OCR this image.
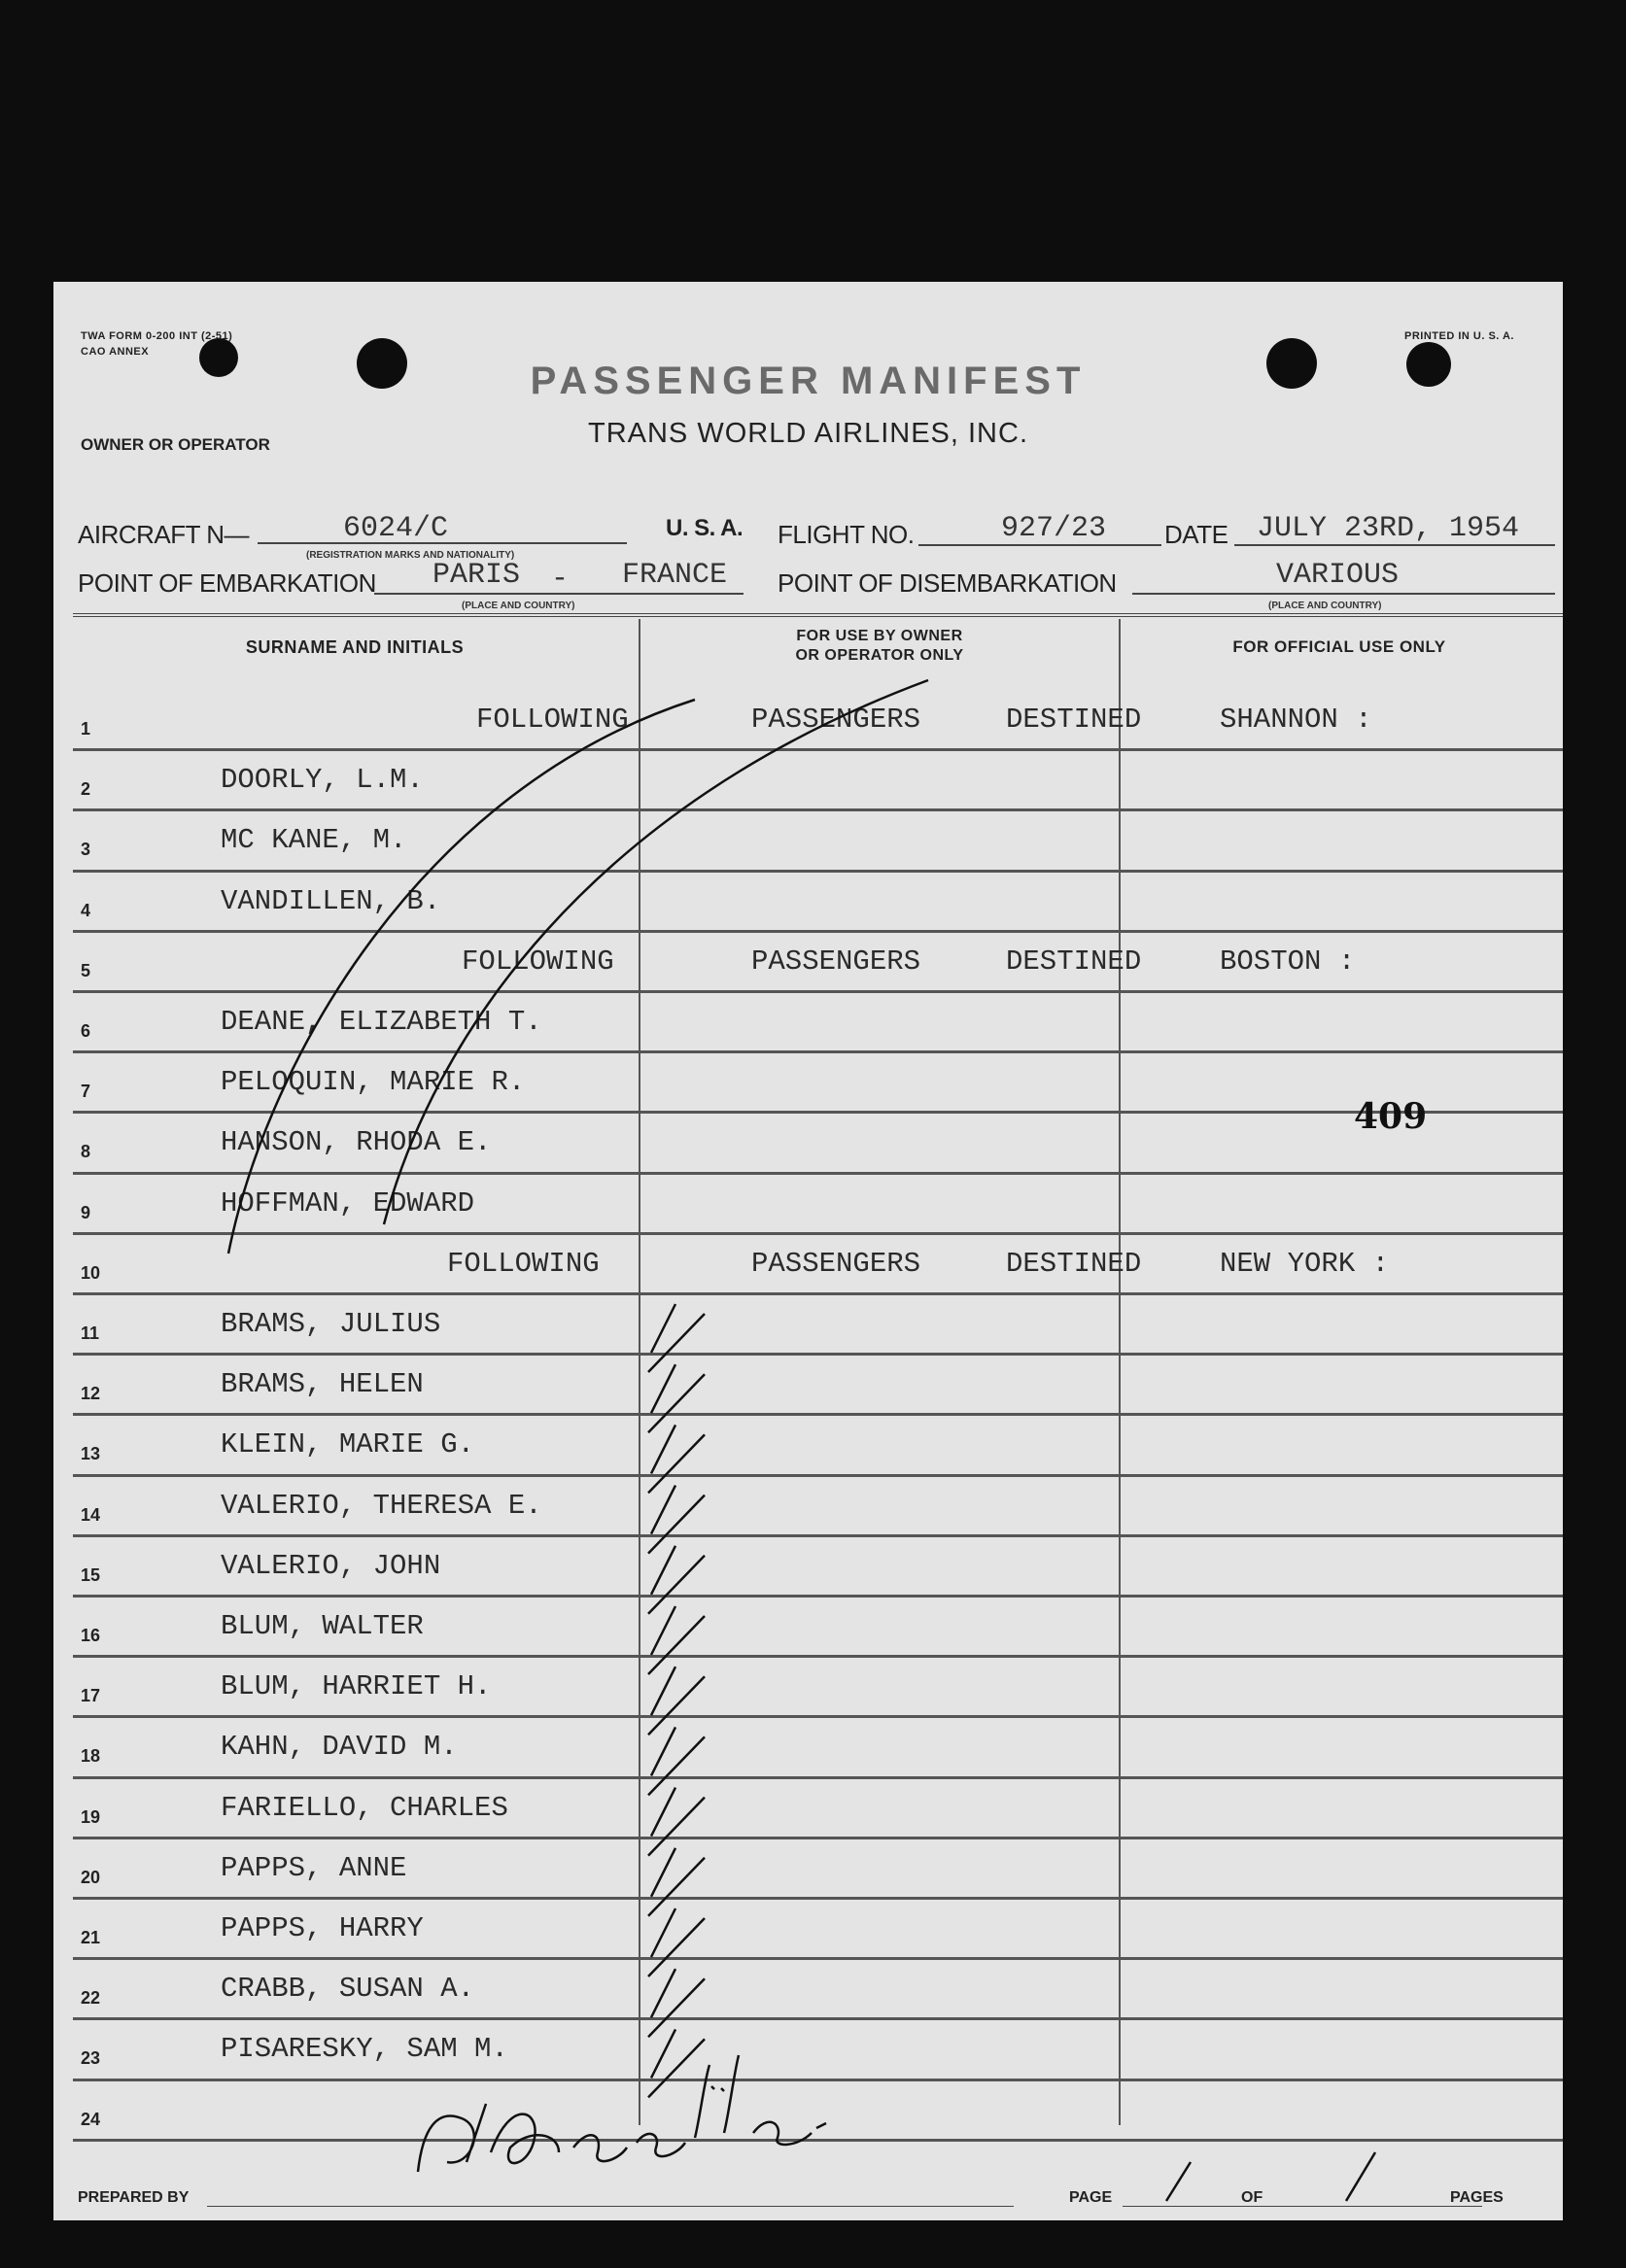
TWA FORM 0-200 INT (2-51)
CAO ANNEX
PRINTED IN U. S. A.
OWNER OR OPERATOR
PASSENGER MANIFEST
TRANS WORLD AIRLINES, INC.
AIRCRAFT N—	6024/C
(REGISTRATION MARKS AND NATIONALITY)
U. S. A. FLIGHT NO.	927/23 DATE JULY 23RD, 1954
POINT OF EMBARKATION PARIS - FRANCE
(PLACE AND COUNTRY)
POINT OF DISEMBARKATION	VARIOUS
(PLACE AND COUNTRY)
SURNAME AND INITIALS
FOR USE BY OWNER
OR OPERATOR ONLY	FOR OFFICIAL USE ONLY
1	FOLLOWING	PASSENGERS	DESTINED	SHANNON :
2	DOORLY, L.M.
3	MC KANE, M.
4	VANDILLEN, B.
5	FOLLOWING	PASSENGERS	DESTINED	BOSTON :
6	DEANE, ELIZABETH T.
7	PELOQUIN, MARIE R.
8	HANSON, RHODA E.
9	HOFFMAN, EDWARD
10	FOLLOWING	PASSENGERS	DESTINED	NEW YORK :
11	BRAMS, JULIUS
12	BRAMS, HELEN
13	KLEIN, MARIE G.
14	VALERIO, THERESA E.
15	VALERIO, JOHN
16	BLUM, WALTER
17	BLUM, HARRIET H.
18	KAHN, DAVID M.
19	FARIELLO, CHARLES
20	PAPPS, ANNE
21	PAPPS, HARRY
22	CRABB, SUSAN A.
23	PISARESKY, SAM M.
24
409
PREPARED BY	PAGE	OF	PAGES
